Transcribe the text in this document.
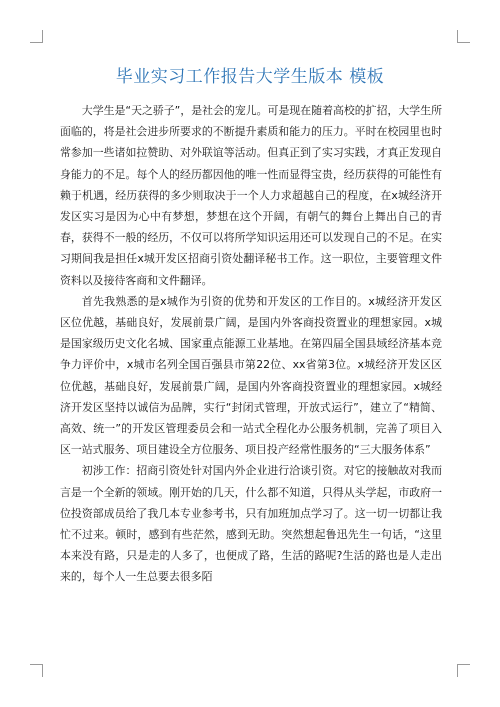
毕业实习工作报告大学生版本 模板

大学生是“天之骄子”，是社会的宠儿。可是现在随着高校的扩招，大学生所面临的，将是社会进步所要求的不断提升素质和能力的压力。平时在校园里也时常参加一些诸如拉赞助、对外联谊等活动。但真正到了实习实践，才真正发现自身能力的不足。每个人的经历都因他的唯一性而显得宝贵，经历获得的可能性有赖于机遇，经历获得的多少则取决于一个人力求超越自己的程度，在x城经济开发区实习是因为心中有梦想，梦想在这个开阔，有朝气的舞台上舞出自己的青春，获得不一般的经历，不仅可以将所学知识运用还可以发现自己的不足。在实习期间我是担任x城开发区招商引资处翻译秘书工作。这一职位，主要管理文件资料以及接待客商和文件翻译。

首先我熟悉的是x城作为引资的优势和开发区的工作目的。x城经济开发区区位优越，基础良好，发展前景广阔，是国内外客商投资置业的理想家园。x城是国家级历史文化名城、国家重点能源工业基地。在第四届全国县域经济基本竞争力评价中，x城市名列全国百强县市第22位、xx省第3位。x城经济开发区区位优越，基础良好，发展前景广阔，是国内外客商投资置业的理想家园。x城经济开发区坚持以诚信为品牌，实行“封闭式管理，开放式运行”，建立了“精简、高效、统一”的开发区管理委员会和一站式全程化办公服务机制，完善了项目入区一站式服务、项目建设全方位服务、项目投产经常性服务的“三大服务体系”

初涉工作：招商引资处针对国内外企业进行洽谈引资。对它的接触故对我而言是一个全新的领域。刚开始的几天，什么都不知道，只得从头学起，市政府一位投资部成员给了我几本专业参考书，只有加班加点学习了。这一切一切都让我忙不过来。顿时，感到有些茫然，感到无助。突然想起鲁迅先生一句话，“这里本来没有路，只是走的人多了，也便成了路，生活的路呢?生活的路也是人走出来的，每个人一生总要去很多陌
